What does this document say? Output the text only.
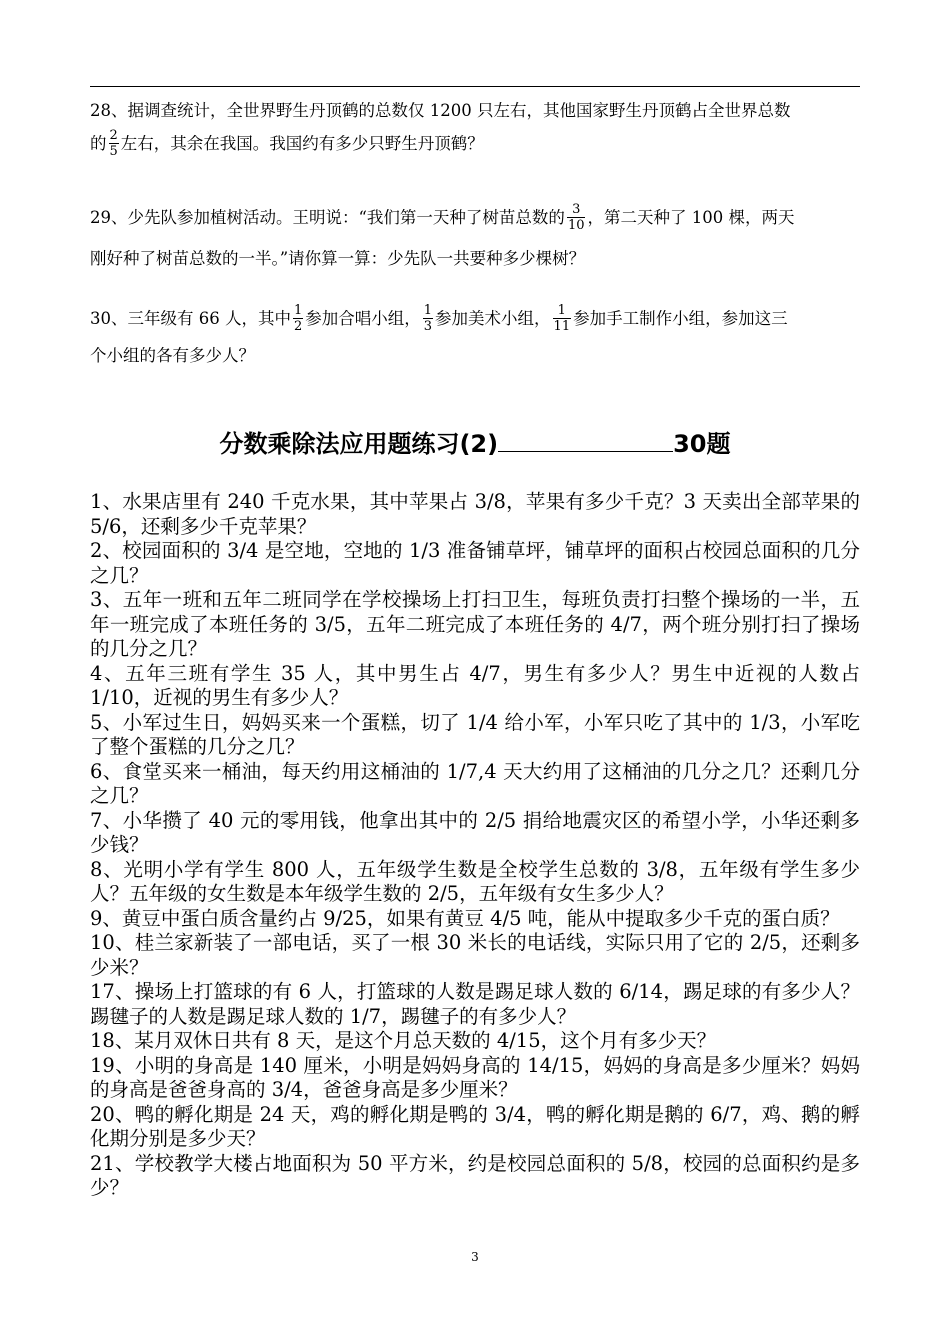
28、据调查统计，全世界野生丹顶鹤的总数仅 1200 只左右，其他国家野生丹顶鹤占全世界总数
的 $\frac{2}{5}$ 左右，其余在我国。我国约有多少只野生丹顶鹤？
29、少先队参加植树活动。王明说：“我们第一天种了树苗总数的 $\frac{3}{10}$ ，第二天种了 100 棵，两天
刚好种了树苗总数的一半。”请你算一算：少先队一共要种多少棵树？
30、三年级有 66 人，其中 $\frac{1}{2}$ 参加合唱小组， $\frac{1}{3}$ 参加美术小组， $\frac{1}{11}$ 参加手工制作小组，参加这三
个小组的各有多少人？
分数乘除法应用题练习(2)	30题
1、水果店里有 240 千克水果，其中苹果占 3/8，苹果有多少千克？3 天卖出全部苹果的 5/6，还剩多少千克苹果？
2、校园面积的 3/4 是空地，空地的 1/3 准备铺草坪，铺草坪的面积占校园总面积的几分之几？
3、五年一班和五年二班同学在学校操场上打扫卫生，每班负责打扫整个操场的一半，五年一班完成了本班任务的 3/5，五年二班完成了本班任务的 4/7，两个班分别打扫了操场的几分之几？
4、五年三班有学生 35 人，其中男生占 4/7，男生有多少人？男生中近视的人数占 1/10，近视的男生有多少人？
5、小军过生日，妈妈买来一个蛋糕，切了 1/4 给小军，小军只吃了其中的 1/3，小军吃了整个蛋糕的几分之几？
6、食堂买来一桶油，每天约用这桶油的 1/7,4 天大约用了这桶油的几分之几？还剩几分之几？
7、小华攒了 40 元的零用钱，他拿出其中的 2/5 捐给地震灾区的希望小学，小华还剩多少钱？
8、光明小学有学生 800 人，五年级学生数是全校学生总数的 3/8，五年级有学生多少人？五年级的女生数是本年级学生数的 2/5，五年级有女生多少人？
9、黄豆中蛋白质含量约占 9/25，如果有黄豆 4/5 吨，能从中提取多少千克的蛋白质？
10、桂兰家新装了一部电话，买了一根 30 米长的电话线，实际只用了它的 2/5，还剩多少米？
17、操场上打篮球的有 6 人，打篮球的人数是踢足球人数的 6/14，踢足球的有多少人？踢毽子的人数是踢足球人数的 1/7，踢毽子的有多少人？
18、某月双休日共有 8 天，是这个月总天数的 4/15，这个月有多少天？
19、小明的身高是 140 厘米，小明是妈妈身高的 14/15，妈妈的身高是多少厘米？妈妈的身高是爸爸身高的 3/4，爸爸身高是多少厘米？
20、鸭的孵化期是 24 天，鸡的孵化期是鸭的 3/4，鸭的孵化期是鹅的 6/7，鸡、鹅的孵化期分别是多少天？
21、学校教学大楼占地面积为 50 平方米，约是校园总面积的 5/8，校园的总面积约是多少？
3
